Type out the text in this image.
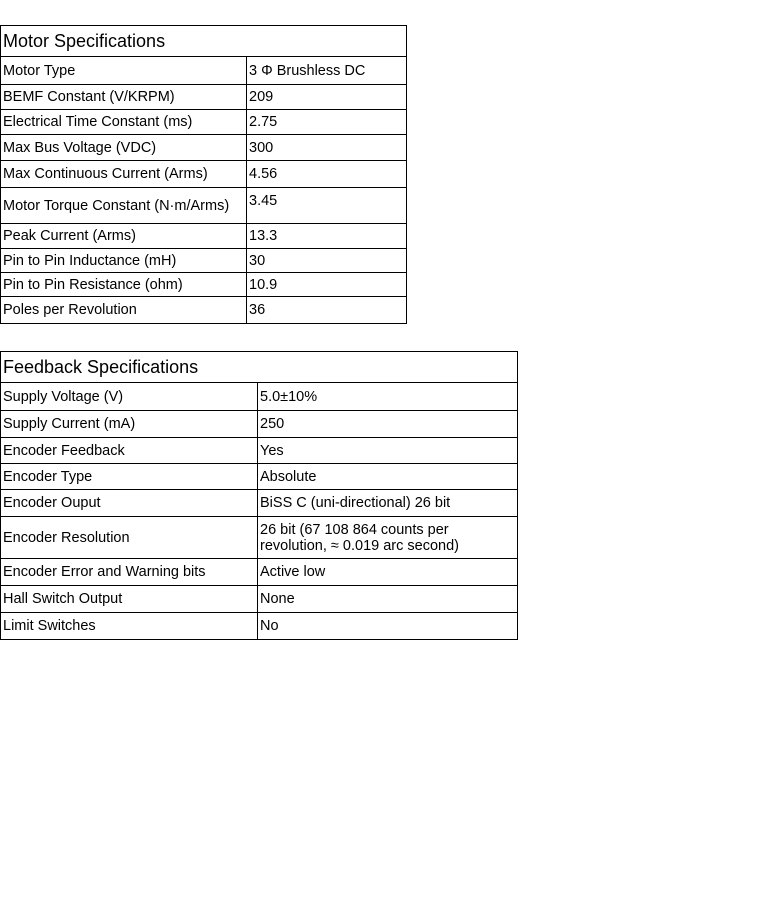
Motor Specifications	
Motor Type	3 Φ Brushless DC
BEMF Constant (V/KRPM)	209
Electrical Time Constant (ms)	2.75
Max Bus Voltage (VDC)	300
Max Continuous Current (Arms)	4.56
Motor Torque Constant (N·m/Arms)	3.45
Peak Current (Arms)	13.3
Pin to Pin Inductance (mH)	30
Pin to Pin Resistance (ohm)	10.9
Poles per Revolution	36
Feedback Specifications	
Supply Voltage (V)	5.0±10%
Supply Current (mA)	250
Encoder Feedback	Yes
Encoder Type	Absolute
Encoder Ouput	BiSS C (uni-directional) 26 bit
Encoder Resolution	26 bit (67 108 864 counts per revolution, ≈ 0.019 arc second)
Encoder Error and Warning bits	Active low
Hall Switch Output	None
Limit Switches	No
